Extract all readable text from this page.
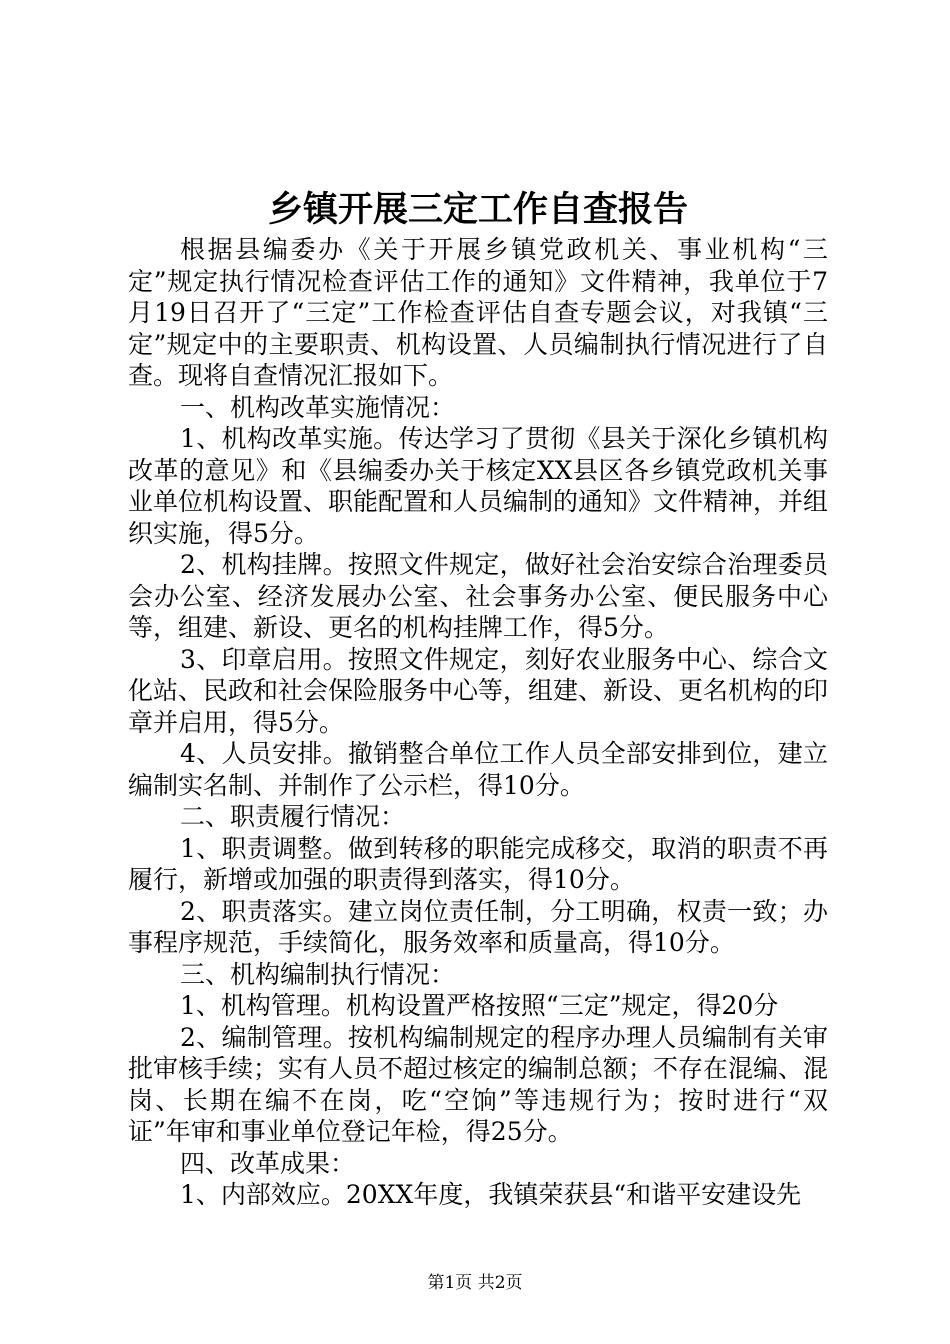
乡镇开展三定工作自查报告

根据县编委办《关于开展乡镇党政机关、事业机构“三定”规定执行情况检查评估工作的通知》文件精神，我单位于7月19日召开了“三定”工作检查评估自查专题会议，对我镇“三定”规定中的主要职责、机构设置、人员编制执行情况进行了自查。现将自查情况汇报如下。

一、机构改革实施情况：

1、机构改革实施。传达学习了贯彻《县关于深化乡镇机构改革的意见》和《县编委办关于核定XX县区各乡镇党政机关事业单位机构设置、职能配置和人员编制的通知》文件精神，并组织实施，得5分。

2、机构挂牌。按照文件规定，做好社会治安综合治理委员会办公室、经济发展办公室、社会事务办公室、便民服务中心等，组建、新设、更名的机构挂牌工作，得5分。

3、印章启用。按照文件规定，刻好农业服务中心、综合文化站、民政和社会保险服务中心等，组建、新设、更名机构的印章并启用，得5分。

4、人员安排。撤销整合单位工作人员全部安排到位，建立编制实名制、并制作了公示栏，得10分。

二、职责履行情况：

1、职责调整。做到转移的职能完成移交，取消的职责不再履行，新增或加强的职责得到落实，得10分。

2、职责落实。建立岗位责任制，分工明确，权责一致；办事程序规范，手续简化，服务效率和质量高，得10分。

三、机构编制执行情况：

1、机构管理。机构设置严格按照“三定”规定，得20分

2、编制管理。按机构编制规定的程序办理人员编制有关审批审核手续；实有人员不超过核定的编制总额；不存在混编、混岗、长期在编不在岗，吃“空饷”等违规行为；按时进行“双证”年审和事业单位登记年检，得25分。

四、改革成果：

1、内部效应。20XX年度，我镇荣获县“和谐平安建设先

第1页 共2页
